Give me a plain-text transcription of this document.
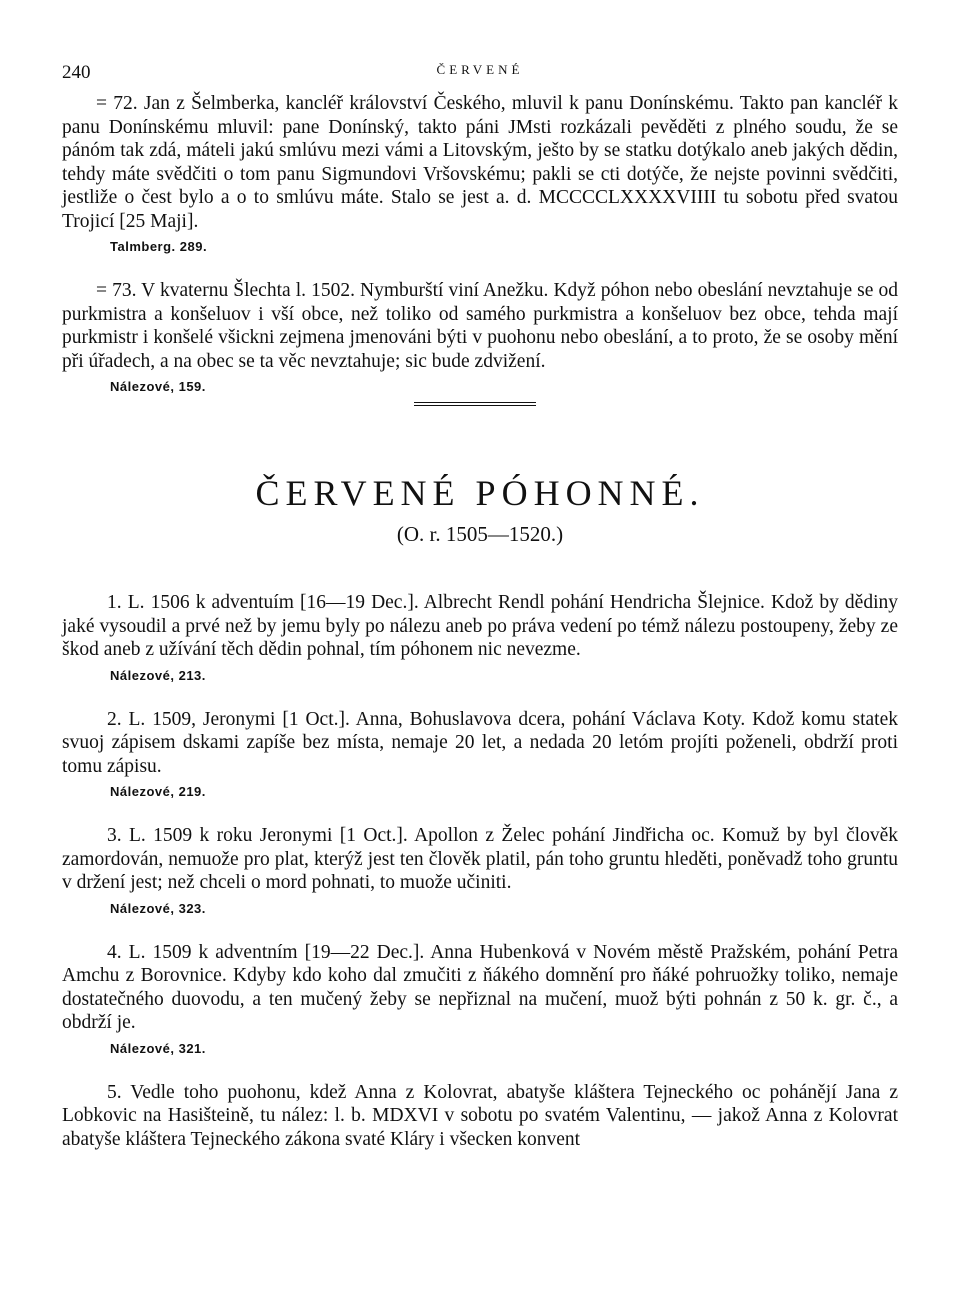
240	ČERVENÉ

= 72. Jan z Šelmberka, kancléř království Českého, mluvil k panu Donínskému. Takto pan kancléř k panu Donínskému mluvil: pane Donínský, takto páni JMsti rozkázali pevěděti z plného soudu, že se pánóm tak zdá, máteli jakú smlúvu mezi vámi a Litovským, ješto by se statku dotýkalo aneb jakých dědin, tehdy máte svědčiti o tom panu Sigmundovi Vršovskému; pakli se cti dotýče, že nejste povinni svědčiti, jestliže o čest bylo a o to smlúvu máte. Stalo se jest a. d. MCCCCLXXXXVIIII tu sobotu před svatou Trojicí [25 Maji].

Talmberg. 289.

= 73. V kvaternu Šlechta l. 1502. Nymburští viní Anežku. Když póhon nebo obeslání nevztahuje se od purkmistra a konšeluov i vší obce, než toliko od samého purkmistra a konšeluov bez obce, tehda mají purkmistr i konšelé všickni zejmena jmenováni býti v puohonu nebo obeslání, a to proto, že se osoby mění při úřadech, a na obec se ta věc nevztahuje; sic bude zdvižení.

Nálezové, 159.
ČERVENÉ PÓHONNÉ.
(O. r. 1505—1520.)

1. L. 1506 k adventuím [16—19 Dec.]. Albrecht Rendl pohání Hendricha Šlejnice. Kdož by dědiny jaké vysoudil a prvé než by jemu byly po nálezu aneb po práva vedení po témž nálezu postoupeny, žeby ze škod aneb z užívání těch dědin pohnal, tím póhonem nic nevezme.

Nálezové, 213.

2. L. 1509, Jeronymi [1 Oct.]. Anna, Bohuslavova dcera, pohání Václava Koty. Kdož komu statek svuoj zápisem dskami zapíše bez místa, nemaje 20 let, a nedada 20 letóm projíti poženeli, obdrží proti tomu zápisu.

Nálezové, 219.

3. L. 1509 k roku Jeronymi [1 Oct.]. Apollon z Želec pohání Jindřicha oc. Komuž by byl člověk zamordován, nemuože pro plat, kterýž jest ten člověk platil, pán toho gruntu hleděti, poněvadž toho gruntu v držení jest; než chceli o mord pohnati, to muože učiniti.

Nálezové, 323.

4. L. 1509 k adventním [19—22 Dec.]. Anna Hubenková v Novém městě Pražském, pohání Petra Amchu z Borovnice. Kdyby kdo koho dal zmučiti z ňákého domnění pro ňáké pohruožky toliko, nemaje dostatečného duovodu, a ten mučený žeby se nepřiznal na mučení, muož býti pohnán z 50 k. gr. č., a obdrží je.

Nálezové, 321.

5. Vedle toho puohonu, kdež Anna z Kolovrat, abatyše kláštera Tejneckého oc pohánějí Jana z Lobkovic na Hasišteině, tu nález: l. b. MDXVI v sobotu po svatém Valentinu, — jakož Anna z Kolovrat abatyše kláštera Tejneckého zákona svaté Kláry i všecken konvent
